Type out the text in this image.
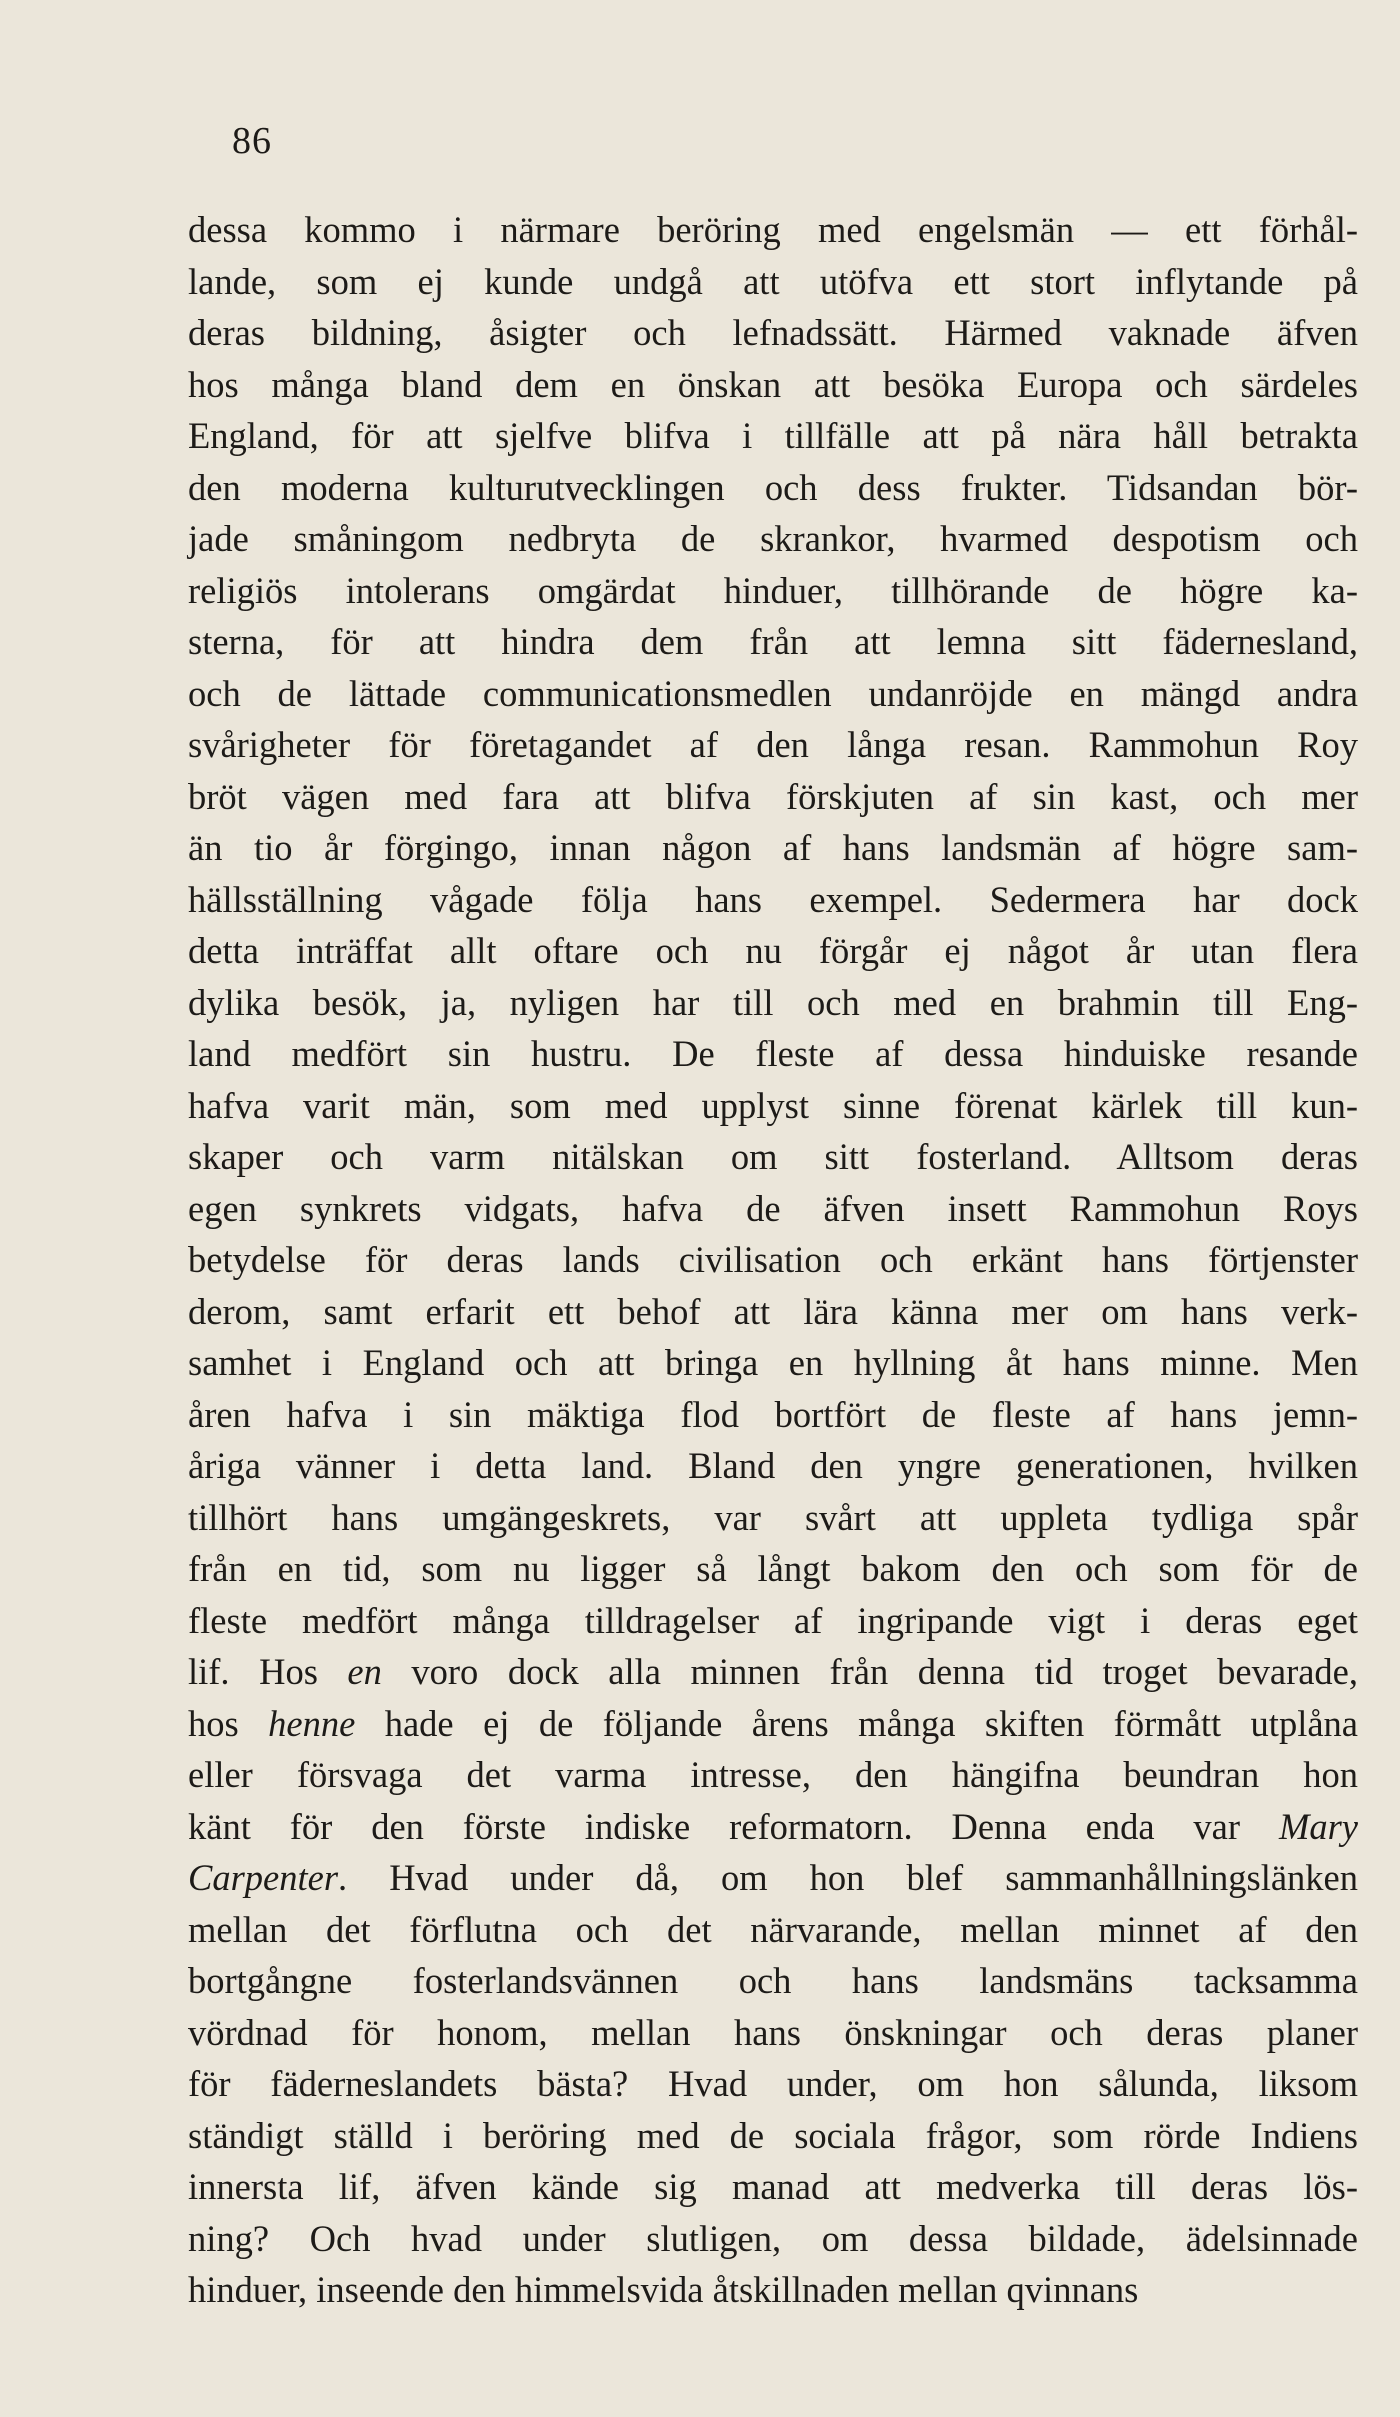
86
dessa kommo i närmare beröring med engelsmän — ett förhål-
lande, som ej kunde undgå att utöfva ett stort inflytande på
deras bildning, åsigter och lefnadssätt. Härmed vaknade äfven
hos många bland dem en önskan att besöka Europa och särdeles
England, för att sjelfve blifva i tillfälle att på nära håll betrakta
den moderna kulturutvecklingen och dess frukter. Tidsandan bör-
jade småningom nedbryta de skrankor, hvarmed despotism och
religiös intolerans omgärdat hinduer, tillhörande de högre ka-
sterna, för att hindra dem från att lemna sitt fädernesland,
och de lättade communicationsmedlen undanröjde en mängd andra
svårigheter för företagandet af den långa resan. Rammohun Roy
bröt vägen med fara att blifva förskjuten af sin kast, och mer
än tio år förgingo, innan någon af hans landsmän af högre sam-
hällsställning vågade följa hans exempel. Sedermera har dock
detta inträffat allt oftare och nu förgår ej något år utan flera
dylika besök, ja, nyligen har till och med en brahmin till Eng-
land medfört sin hustru. De fleste af dessa hinduiske resande
hafva varit män, som med upplyst sinne förenat kärlek till kun-
skaper och varm nitälskan om sitt fosterland. Alltsom deras
egen synkrets vidgats, hafva de äfven insett Rammohun Roys
betydelse för deras lands civilisation och erkänt hans förtjenster
derom, samt erfarit ett behof att lära känna mer om hans verk-
samhet i England och att bringa en hyllning åt hans minne. Men
åren hafva i sin mäktiga flod bortfört de fleste af hans jemn-
åriga vänner i detta land. Bland den yngre generationen, hvilken
tillhört hans umgängeskrets, var svårt att uppleta tydliga spår
från en tid, som nu ligger så långt bakom den och som för de
fleste medfört många tilldragelser af ingripande vigt i deras eget
lif. Hos en voro dock alla minnen från denna tid troget bevarade,
hos henne hade ej de följande årens många skiften förmått utplåna
eller försvaga det varma intresse, den hängifna beundran hon
känt för den förste indiske reformatorn. Denna enda var Mary
Carpenter. Hvad under då, om hon blef sammanhållningslänken
mellan det förflutna och det närvarande, mellan minnet af den
bortgångne fosterlandsvännen och hans landsmäns tacksamma
vördnad för honom, mellan hans önskningar och deras planer
för fäderneslandets bästa? Hvad under, om hon sålunda, liksom
ständigt ställd i beröring med de sociala frågor, som rörde Indiens
innersta lif, äfven kände sig manad att medverka till deras lös-
ning? Och hvad under slutligen, om dessa bildade, ädelsinnade
hinduer, inseende den himmelsvida åtskillnaden mellan qvinnans
